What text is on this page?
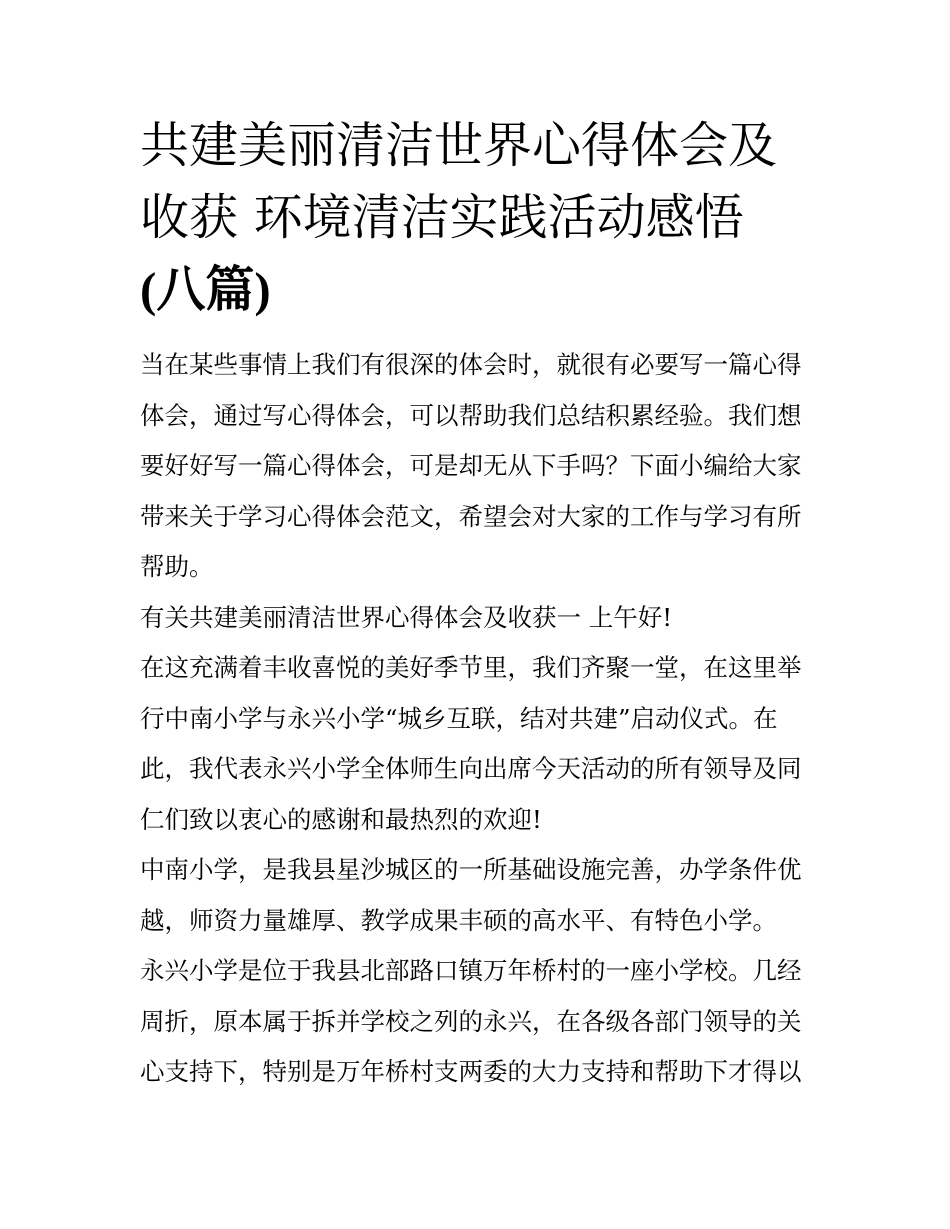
共建美丽清洁世界心得体会及
收获 环境清洁实践活动感悟
(八篇)

当在某些事情上我们有很深的体会时，就很有必要写一篇心得
体会，通过写心得体会，可以帮助我们总结积累经验。我们想
要好好写一篇心得体会，可是却无从下手吗？下面小编给大家
带来关于学习心得体会范文，希望会对大家的工作与学习有所
帮助。

有关共建美丽清洁世界心得体会及收获一 上午好!

在这充满着丰收喜悦的美好季节里，我们齐聚一堂，在这里举
行中南小学与永兴小学“城乡互联，结对共建”启动仪式。在
此，我代表永兴小学全体师生向出席今天活动的所有领导及同
仁们致以衷心的感谢和最热烈的欢迎!

中南小学，是我县星沙城区的一所基础设施完善，办学条件优
越，师资力量雄厚、教学成果丰硕的高水平、有特色小学。

永兴小学是位于我县北部路口镇万年桥村的一座小学校。几经
周折，原本属于拆并学校之列的永兴，在各级各部门领导的关
心支持下，特别是万年桥村支两委的大力支持和帮助下才得以
